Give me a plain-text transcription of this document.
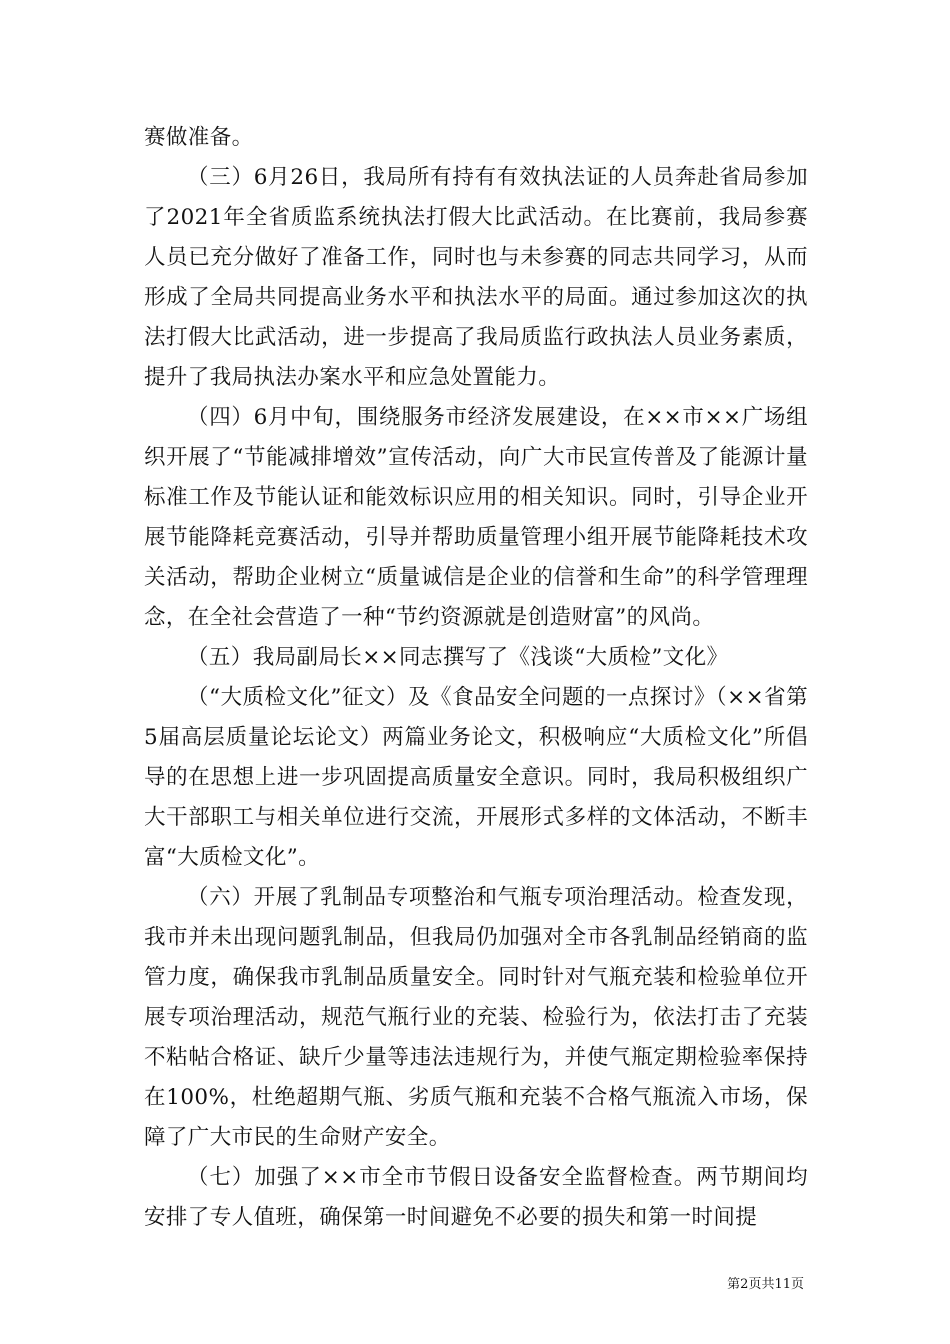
赛做准备。

（三）6月26日，我局所有持有有效执法证的人员奔赴省局参加了2021年全省质监系统执法打假大比武活动。在比赛前，我局参赛人员已充分做好了准备工作，同时也与未参赛的同志共同学习，从而形成了全局共同提高业务水平和执法水平的局面。通过参加这次的执法打假大比武活动，进一步提高了我局质监行政执法人员业务素质，提升了我局执法办案水平和应急处置能力。

（四）6月中旬，围绕服务市经济发展建设，在××市××广场组织开展了“节能减排增效”宣传活动，向广大市民宣传普及了能源计量标准工作及节能认证和能效标识应用的相关知识。同时，引导企业开展节能降耗竞赛活动，引导并帮助质量管理小组开展节能降耗技术攻关活动，帮助企业树立“质量诚信是企业的信誉和生命”的科学管理理念，在全社会营造了一种“节约资源就是创造财富”的风尚。

（五）我局副局长××同志撰写了《浅谈“大质检”文化》

（“大质检文化”征文）及《食品安全问题的一点探讨》（××省第5届高层质量论坛论文）两篇业务论文，积极响应“大质检文化”所倡导的在思想上进一步巩固提高质量安全意识。同时，我局积极组织广大干部职工与相关单位进行交流，开展形式多样的文体活动，不断丰富“大质检文化”。

（六）开展了乳制品专项整治和气瓶专项治理活动。检查发现，我市并未出现问题乳制品，但我局仍加强对全市各乳制品经销商的监管力度，确保我市乳制品质量安全。同时针对气瓶充装和检验单位开展专项治理活动，规范气瓶行业的充装、检验行为，依法打击了充装不粘帖合格证、缺斤少量等违法违规行为，并使气瓶定期检验率保持在100%，杜绝超期气瓶、劣质气瓶和充装不合格气瓶流入市场，保障了广大市民的生命财产安全。

（七）加强了××市全市节假日设备安全监督检查。两节期间均安排了专人值班，确保第一时间避免不必要的损失和第一时间提

第2页共11页
